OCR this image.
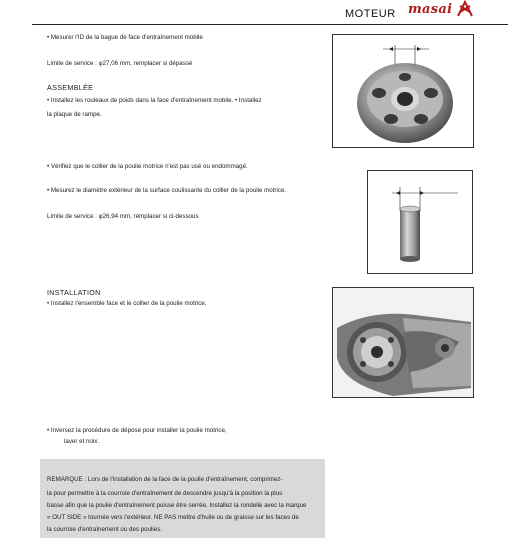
MOTEUR masai
• Mesurer l'ID de la bague de face d'entraînement mobile
Limite de service : φ27,06 mm, remplacer si dépassé
ASSEMBLÉE
• Installez les rouleaux de poids dans la face d'entraînement mobile. • Installez
la plaque de rampe.
• Vérifiez que le collier de la poulie motrice n'est pas usé ou endommagé.
• Mesurez le diamètre extérieur de la surface coulissante du collier de la poulie motrice.
Limite de service : φ26,94 mm, remplacer si ci-dessous
INSTALLATION
• Installez l'ensemble face et le collier de la poulie motrice.
• Inversez la procédure de dépose pour installer la poulie motrice,
laver et noix.
REMARQUE : Lors de l'installation de la face de la poulie d'entraînement, comprimez-
la pour permettre à la courroie d'entraînement de descendre jusqu'à la position la plus
basse afin que la poulie d'entraînement puisse être serrée. Installez la rondelle avec la marque
« OUT SIDE » tournée vers l'extérieur. NE PAS mettre d'huile ou de graisse sur les faces de
la courroie d'entraînement ou des poulies.
